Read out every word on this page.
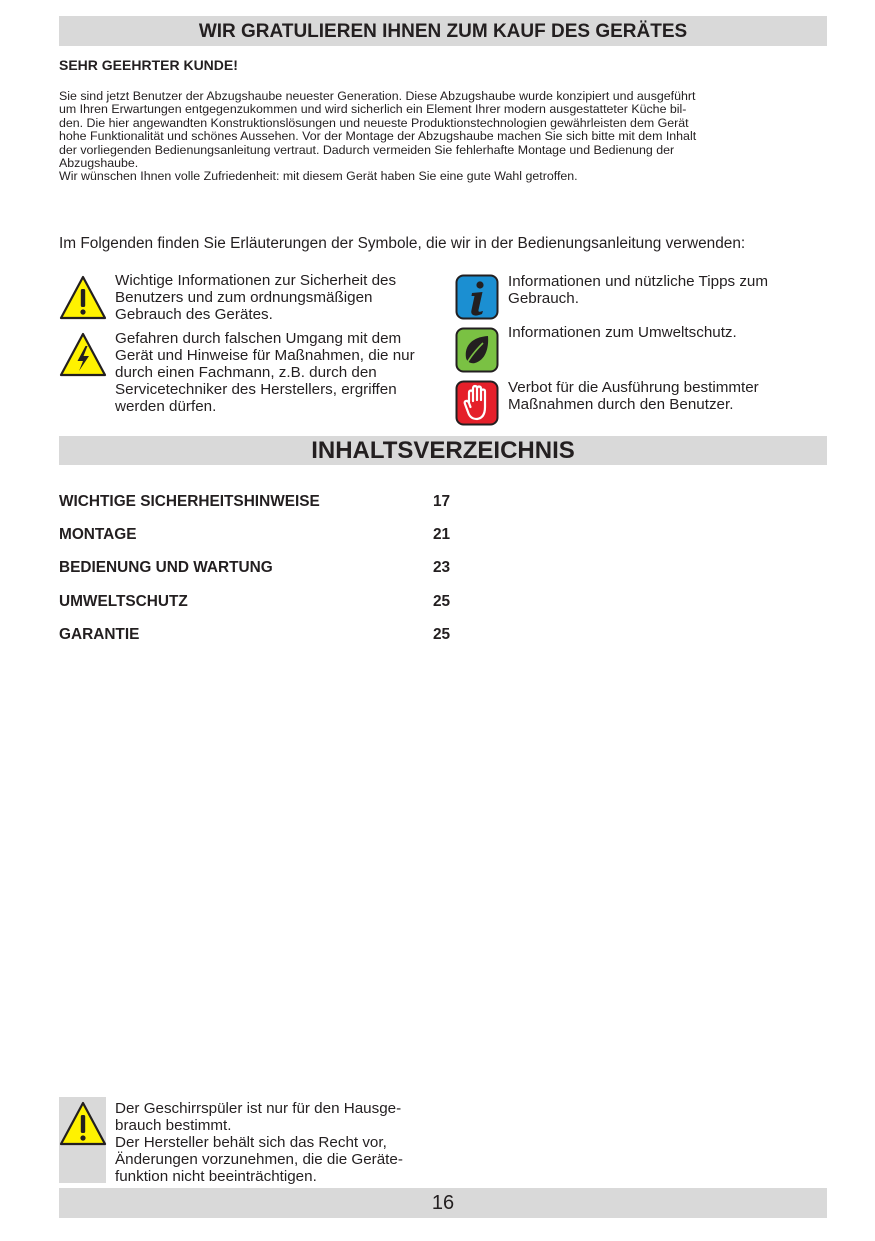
WIR GRATULIEREN IHNEN ZUM KAUF DES GERÄTES
SEHR GEEHRTER KUNDE!

Sie sind jetzt Benutzer der Abzugshaube neuester Generation. Diese Abzugshaube wurde konzipiert und ausgeführt

um Ihren Erwartungen entgegenzukommen und wird sicherlich ein Element Ihrer modern ausgestatteter Küche bil-

den. Die hier angewandten Konstruktionslösungen und neueste Produktionstechnologien gewährleisten dem Gerät

hohe Funktionalität und schönes Aussehen. Vor der Montage der Abzugshaube machen Sie sich bitte mit dem Inhalt

der vorliegenden Bedienungsanleitung vertraut. Dadurch vermeiden Sie fehlerhafte Montage und Bedienung der

Abzugshaube.

Wir wünschen Ihnen volle Zufriedenheit: mit diesem Gerät haben Sie eine gute Wahl getroffen.

Im Folgenden finden Sie Erläuterungen der Symbole, die wir in der Bedienungsanleitung verwenden:
Wichtige Informationen zur Sicherheit des Benutzers und zum ordnungsmäßigen Gebrauch des Gerätes.
Gefahren durch falschen Umgang mit dem Gerät und Hinweise für Maßnahmen, die nur durch einen Fachmann, z.B. durch den Servicetechniker des Herstellers, ergriffen werden dürfen.
Informationen und nützliche Tipps zum Gebrauch.
Informationen zum Umweltschutz.
Verbot für die Ausführung bestimmter Maßnahmen durch den Benutzer.
INHALTSVERZEICHNIS
WICHTIGE SICHERHEITSHINWEISE	17
MONTAGE	21
BEDIENUNG UND WARTUNG	23
UMWELTSCHUTZ	25
GARANTIE	25

Der Geschirrspüler ist nur für den Hausge-brauch bestimmt.

Der Hersteller behält sich das Recht vor, Änderungen vorzunehmen, die die Geräte-funktion nicht beeinträchtigen.

16
